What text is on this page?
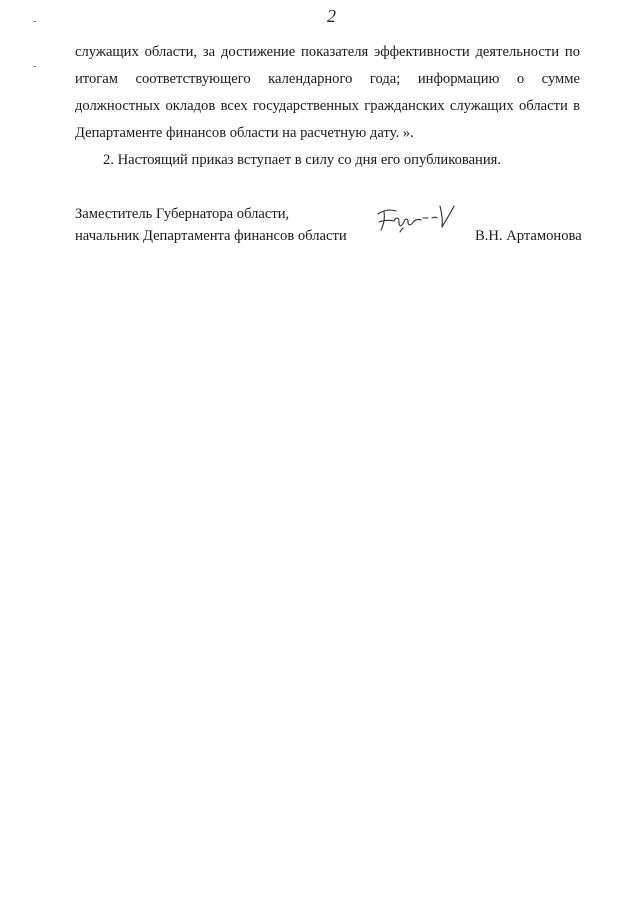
2

служащих области, за достижение показателя эффективности деятельности по
итогам соответствующего календарного года; информацию о сумме
должностных окладов всех государственных гражданских служащих области в
Департаменте финансов области на расчетную дату. ».

2. Настоящий приказ вступает в силу со дня его опубликования.

Заместитель Губернатора области,
начальник Департамента финансов области	В.Н. Артамонова
